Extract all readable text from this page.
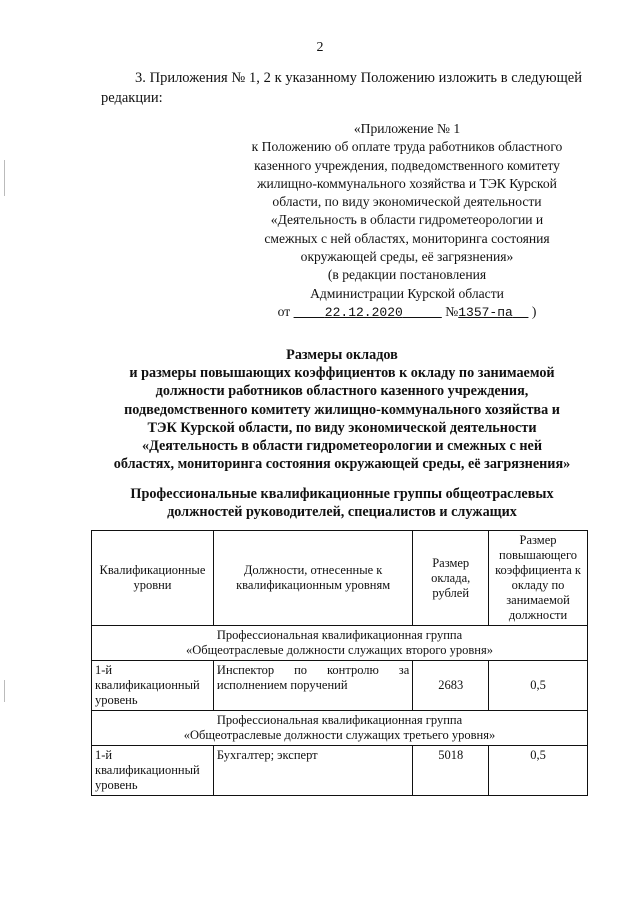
2
3. Приложения № 1, 2 к указанному Положению изложить в следующей редакции:
«Приложение № 1
к Положению об оплате труда работников областного
казенного учреждения, подведомственного комитету
жилищно-коммунального хозяйства и ТЭК Курской
области, по виду экономической деятельности
«Деятельность в области гидрометеорологии и
смежных с ней областях, мониторинга состояния
окружающей среды, её загрязнения»
(в редакции постановления
Администрации Курской области
от	22.12.2020	№1357-па )
Размеры окладов
и размеры повышающих коэффициентов к окладу по занимаемой
должности работников областного казенного учреждения,
подведомственного комитету жилищно-коммунального хозяйства и
ТЭК Курской области, по виду экономической деятельности
«Деятельность в области гидрометеорологии и смежных с ней
областях, мониторинга состояния окружающей среды, её загрязнения»
Профессиональные квалификационные группы общеотраслевых
должностей руководителей, специалистов и служащих
Квалификационные уровни	Должности, отнесенные к квалификационным уровням	Размер оклада, рублей	Размер повышающего коэффициента к окладу по занимаемой должности

Профессиональная квалификационная группа
«Общеотраслевые должности служащих второго уровня»			

1-й квалификационный уровень	Инспектор по контролю за исполнением поручений	2683	0,5

Профессиональная квалификационная группа
«Общеотраслевые должности служащих третьего уровня»			

1-й квалификационный уровень	Бухгалтер; эксперт	5018	0,5
